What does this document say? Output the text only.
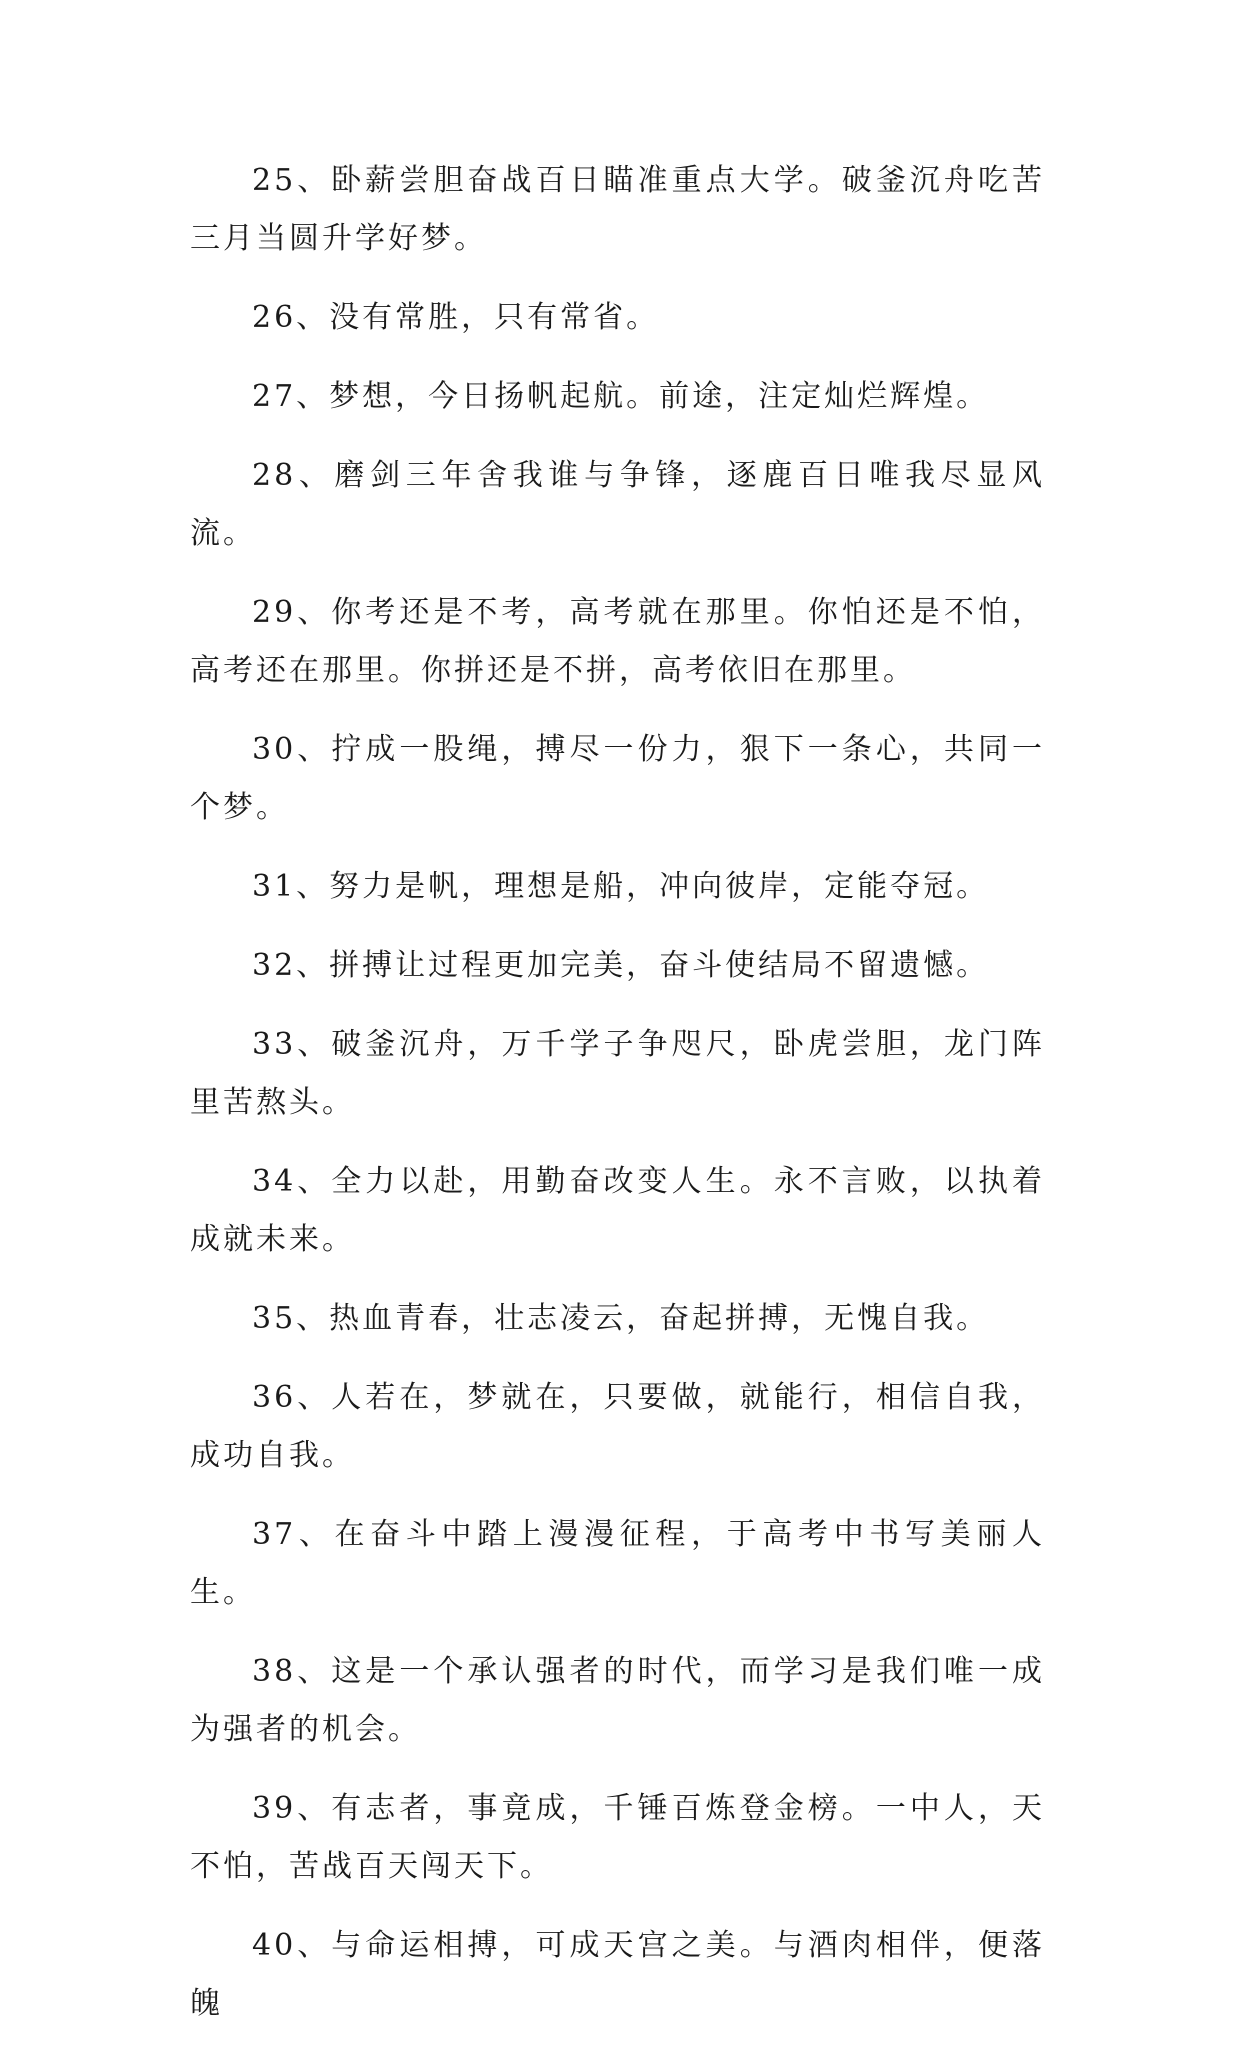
25、卧薪尝胆奋战百日瞄准重点大学。破釜沉舟吃苦三月当圆升学好梦。

26、没有常胜，只有常省。

27、梦想，今日扬帆起航。前途，注定灿烂辉煌。

28、磨剑三年舍我谁与争锋，逐鹿百日唯我尽显风流。

29、你考还是不考，高考就在那里。你怕还是不怕，高考还在那里。你拼还是不拼，高考依旧在那里。

30、拧成一股绳，搏尽一份力，狠下一条心，共同一个梦。

31、努力是帆，理想是船，冲向彼岸，定能夺冠。

32、拼搏让过程更加完美，奋斗使结局不留遗憾。

33、破釜沉舟，万千学子争咫尺，卧虎尝胆，龙门阵里苦熬头。

34、全力以赴，用勤奋改变人生。永不言败，以执着成就未来。

35、热血青春，壮志凌云，奋起拼搏，无愧自我。

36、人若在，梦就在，只要做，就能行，相信自我，成功自我。

37、在奋斗中踏上漫漫征程，于高考中书写美丽人生。

38、这是一个承认强者的时代，而学习是我们唯一成为强者的机会。

39、有志者，事竟成，千锤百炼登金榜。一中人，天不怕，苦战百天闯天下。

40、与命运相搏，可成天宫之美。与酒肉相伴，便落魄
